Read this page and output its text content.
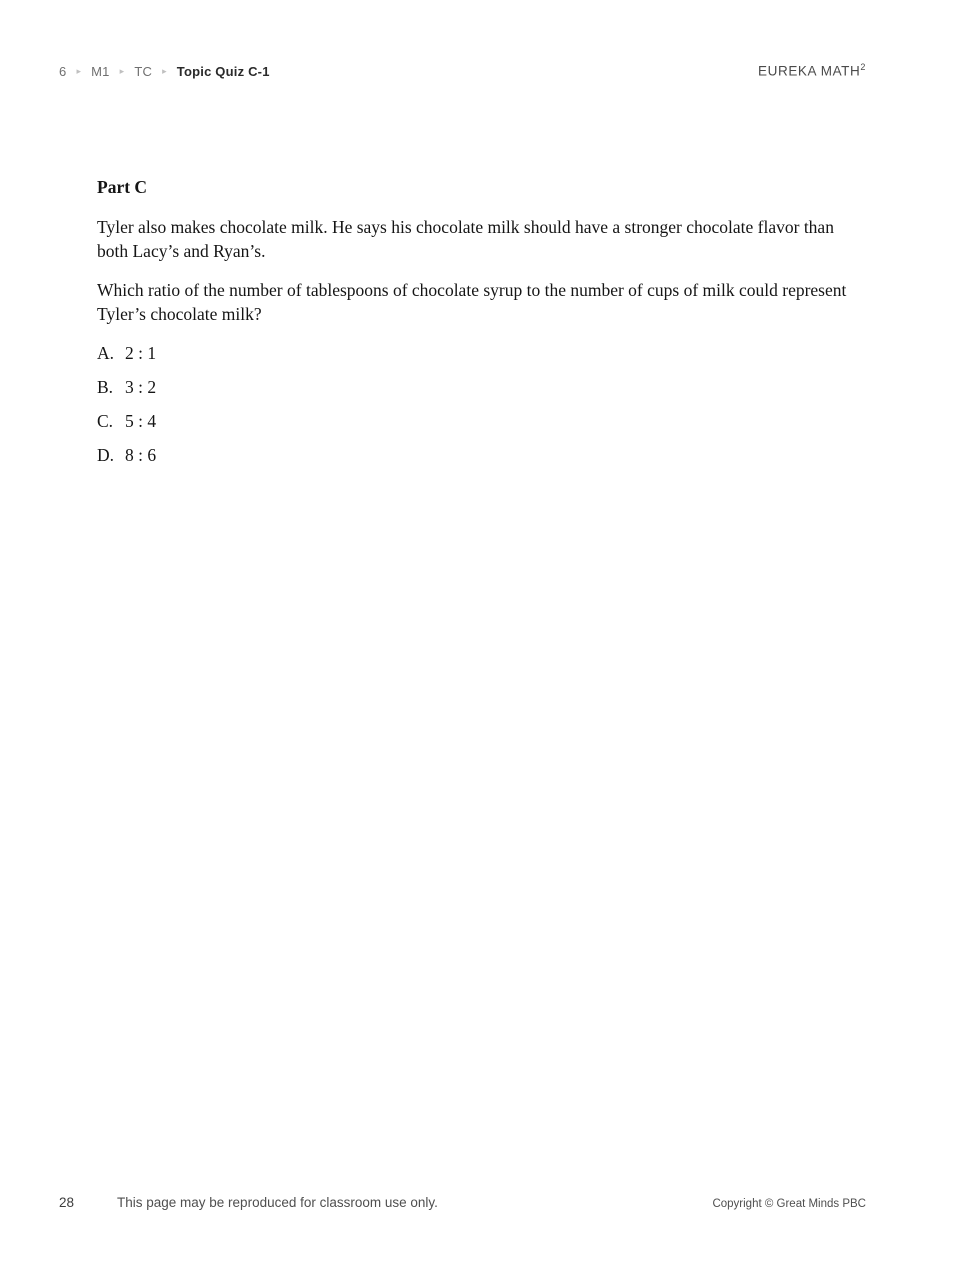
6 ▸ M1 ▸ TC ▸ Topic Quiz C-1	EUREKA MATH$^2$
Part C

Tyler also makes chocolate milk. He says his chocolate milk should have a stronger chocolate flavor than both Lacy’s and Ryan’s.

Which ratio of the number of tablespoons of chocolate syrup to the number of cups of milk could represent Tyler’s chocolate milk?

A. 2 : 1
B. 3 : 2
C. 5 : 4
D. 8 : 6
28	This page may be reproduced for classroom use only.	Copyright © Great Minds PBC
